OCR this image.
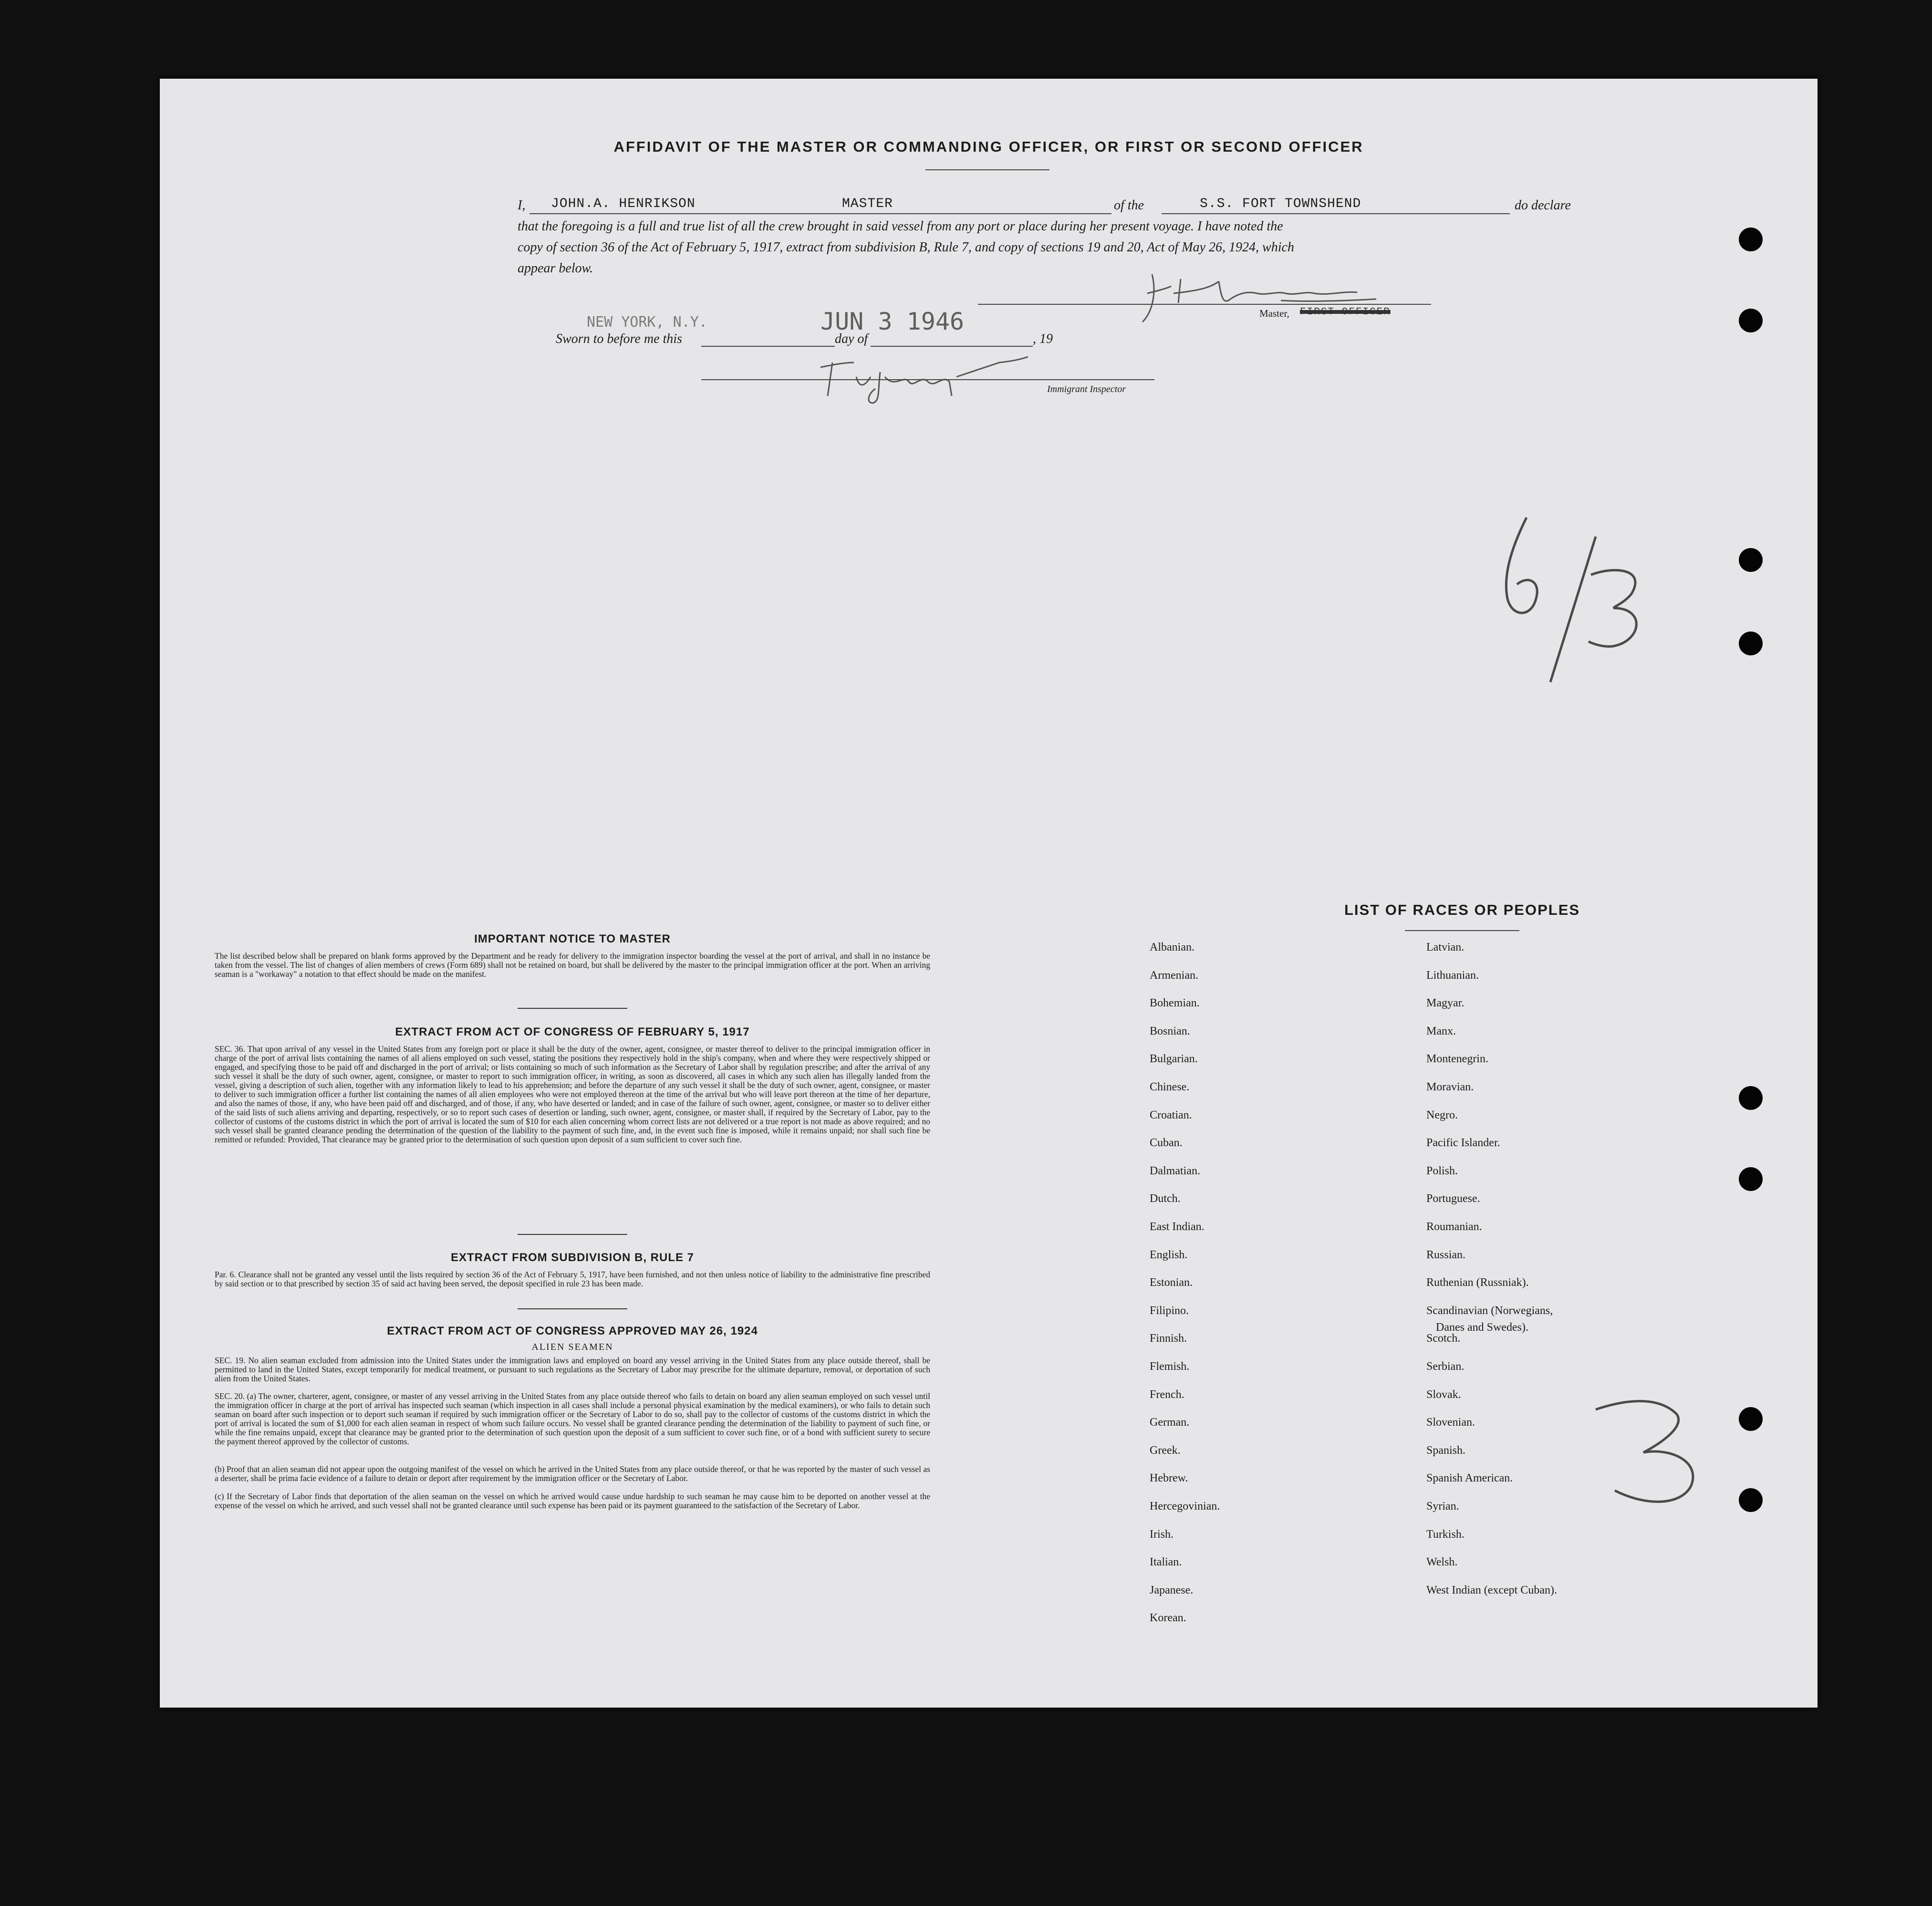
AFFIDAVIT OF THE MASTER OR COMMANDING OFFICER, OR FIRST OR SECOND OFFICER
I, JOHN.A. HENRIKSON	MASTER	of the	S.S. FORT TOWNSHEND	do declare
that the foregoing is a full and true list of all the crew brought in said vessel from any port or place during her present voyage. I have noted the
copy of section 36 of the Act of February 5, 1917, extract from subdivision B, Rule 7, and copy of sections 19 and 20, Act of May 26, 1924, which
appear below.
Master, FIRST OFFICER
NEW YORK, N.Y.	JUN 3 1946
Sworn to before me this	day of	, 19
Immigrant Inspector
IMPORTANT NOTICE TO MASTER
The list described below shall be prepared on blank forms approved by the Department and be ready for delivery to the immigration inspector boarding the vessel at the port of arrival, and shall in no instance be taken from the vessel. The list of changes of alien members of crews (Form 689) shall not be retained on board, but shall be delivered by the master to the principal immigration officer at the port. When an arriving seaman is a "workaway" a notation to that effect should be made on the manifest.
EXTRACT FROM ACT OF CONGRESS OF FEBRUARY 5, 1917
SEC. 36. That upon arrival of any vessel in the United States from any foreign port or place it shall be the duty of the owner, agent, consignee, or master thereof to deliver to the principal immigration officer in charge of the port of arrival lists containing the names of all aliens employed on such vessel, stating the positions they respectively hold in the ship's company, when and where they were respectively shipped or engaged, and specifying those to be paid off and discharged in the port of arrival; or lists containing so much of such information as the Secretary of Labor shall by regulation prescribe; and after the arrival of any such vessel it shall be the duty of such owner, agent, consignee, or master to report to such immigration officer, in writing, as soon as discovered, all cases in which any such alien has illegally landed from the vessel, giving a description of such alien, together with any information likely to lead to his apprehension; and before the departure of any such vessel it shall be the duty of such owner, agent, consignee, or master to deliver to such immigration officer a further list containing the names of all alien employees who were not employed thereon at the time of the arrival but who will leave port thereon at the time of her departure, and also the names of those, if any, who have been paid off and discharged, and of those, if any, who have deserted or landed; and in case of the failure of such owner, agent, consignee, or master so to deliver either of the said lists of such aliens arriving and departing, respectively, or so to report such cases of desertion or landing, such owner, agent, consignee, or master shall, if required by the Secretary of Labor, pay to the collector of customs of the customs district in which the port of arrival is located the sum of $10 for each alien concerning whom correct lists are not delivered or a true report is not made as above required; and no such vessel shall be granted clearance pending the determination of the question of the liability to the payment of such fine, and, in the event such fine is imposed, while it remains unpaid; nor shall such fine be remitted or refunded: Provided, That clearance may be granted prior to the determination of such question upon deposit of a sum sufficient to cover such fine.
EXTRACT FROM SUBDIVISION B, RULE 7
Par. 6. Clearance shall not be granted any vessel until the lists required by section 36 of the Act of February 5, 1917, have been furnished, and not then unless notice of liability to the administrative fine prescribed by said section or to that prescribed by section 35 of said act having been served, the deposit specified in rule 23 has been made.
EXTRACT FROM ACT OF CONGRESS APPROVED MAY 26, 1924
ALIEN SEAMEN
SEC. 19. No alien seaman excluded from admission into the United States under the immigration laws and employed on board any vessel arriving in the United States from any place outside thereof, shall be permitted to land in the United States, except temporarily for medical treatment, or pursuant to such regulations as the Secretary of Labor may prescribe for the ultimate departure, removal, or deportation of such alien from the United States.
SEC. 20. (a) The owner, charterer, agent, consignee, or master of any vessel arriving in the United States from any place outside thereof who fails to detain on board any alien seaman employed on such vessel until the immigration officer in charge at the port of arrival has inspected such seaman (which inspection in all cases shall include a personal physical examination by the medical examiners), or who fails to detain such seaman on board after such inspection or to deport such seaman if required by such immigration officer or the Secretary of Labor to do so, shall pay to the collector of customs of the customs district in which the port of arrival is located the sum of $1,000 for each alien seaman in respect of whom such failure occurs. No vessel shall be granted clearance pending the determination of the liability to payment of such fine, or while the fine remains unpaid, except that clearance may be granted prior to the determination of such question upon the deposit of a sum sufficient to cover such fine, or of a bond with sufficient surety to secure the payment thereof approved by the collector of customs.
(b) Proof that an alien seaman did not appear upon the outgoing manifest of the vessel on which he arrived in the United States from any place outside thereof, or that he was reported by the master of such vessel as a deserter, shall be prima facie evidence of a failure to detain or deport after requirement by the immigration officer or the Secretary of Labor.
(c) If the Secretary of Labor finds that deportation of the alien seaman on the vessel on which he arrived would cause undue hardship to such seaman he may cause him to be deported on another vessel at the expense of the vessel on which he arrived, and such vessel shall not be granted clearance until such expense has been paid or its payment guaranteed to the satisfaction of the Secretary of Labor.
LIST OF RACES OR PEOPLES
Danes and Swedes).
Albanian.
Armenian.
Bohemian.
Bosnian.
Bulgarian.
Chinese.
Croatian.
Cuban.
Dalmatian.
Dutch.
East Indian.
English.
Estonian.
Filipino.
Finnish.
Flemish.
French.
German.
Greek.
Hebrew.
Hercegovinian.
Irish.
Italian.
Japanese.
Korean.
Latvian.
Lithuanian.
Magyar.
Manx.
Montenegrin.
Moravian.
Negro.
Pacific Islander.
Polish.
Portuguese.
Roumanian.
Russian.
Ruthenian (Russniak).
Scandinavian (Norwegians,
Scotch.
Serbian.
Slovak.
Slovenian.
Spanish.
Spanish American.
Syrian.
Turkish.
Welsh.
West Indian (except Cuban).
